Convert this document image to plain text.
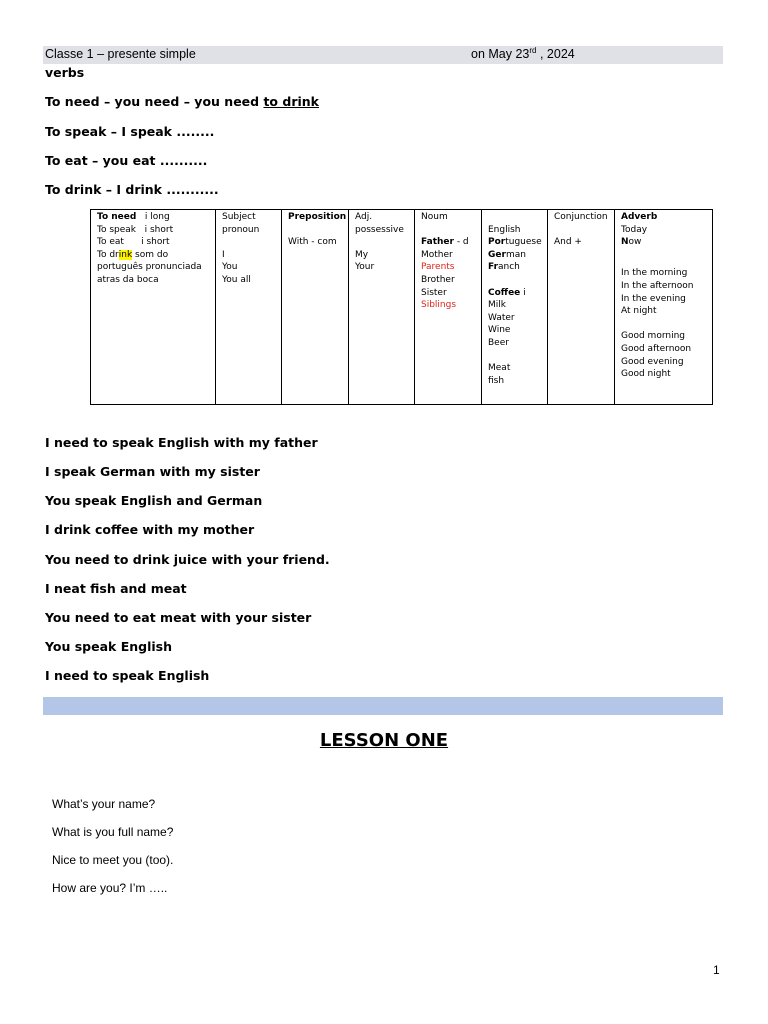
Classe 1 – presente simple	on May 23rd , 2024
verbs
To need – you need – you need to drink
To speak – I speak ........
To eat – you eat ..........
To drink – I drink ...........
To need i long
To speak i short
To eat i short
To drink som do
português pronunciada
atras da boca
Subject
pronoun
I
You
You all
Preposition
With - com
Adj.
possessive
My
Your
Noum
Father - d
Mother
Parents
Brother
Sister
Siblings
English
Portuguese
German
Franch
Coffee i
Milk
Water
Wine
Beer
Meat
fish
Conjunction
And +
Adverb
Today
Now
In the morning
In the afternoon
In the evening
At night
Good morning
Good afternoon
Good evening
Good night
I need to speak English with my father
I speak German with my sister
You speak English and German
I drink coffee with my mother
You need to drink juice with your friend.
I neat fish and meat
You need to eat meat with your sister
You speak English
I need to speak English
LESSON ONE
What’s your name?
What is you full name?
Nice to meet you (too).
How are you? I’m …..
1
